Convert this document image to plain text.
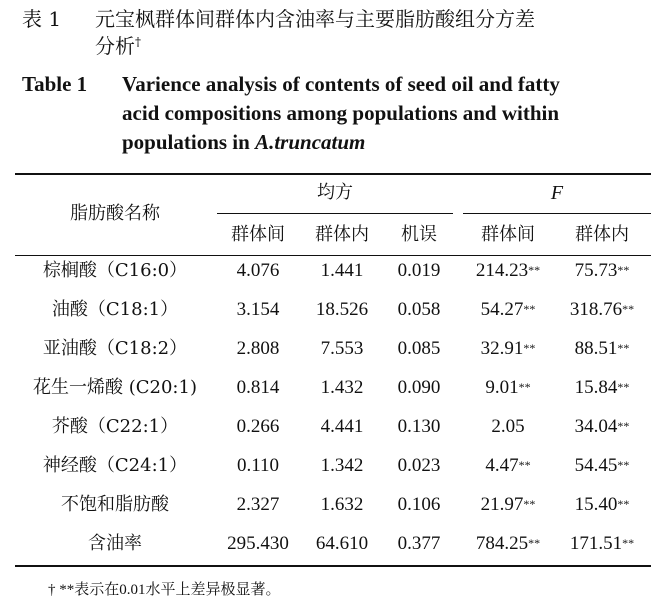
表 1 元宝枫群体间群体内含油率与主要脂肪酸组分方差
分析†
Table 1 Varience analysis of contents of seed oil and fatty
acid compositions among populations and within
populations in A.truncatum
脂肪酸名称
均方	F
群体间	群体内	机误	群体间	群体内
棕榈酸（C16:0）	4.076	1.441	0.019	214.23**	75.73**
油酸（C18:1）	3.154	18.526	0.058	54.27**	318.76**
亚油酸（C18:2）	2.808	7.553	0.085	32.91**	88.51**
花生一烯酸 (C20:1)	0.814	1.432	0.090	9.01**	15.84**
芥酸（C22:1）	0.266	4.441	0.130	2.05	34.04**
神经酸（C24:1）	0.110	1.342	0.023	4.47**	54.45**
不饱和脂肪酸	2.327	1.632	0.106	21.97**	15.40**
含油率	295.430	64.610	0.377	784.25**	171.51**
† **表示在0.01水平上差异极显著。
